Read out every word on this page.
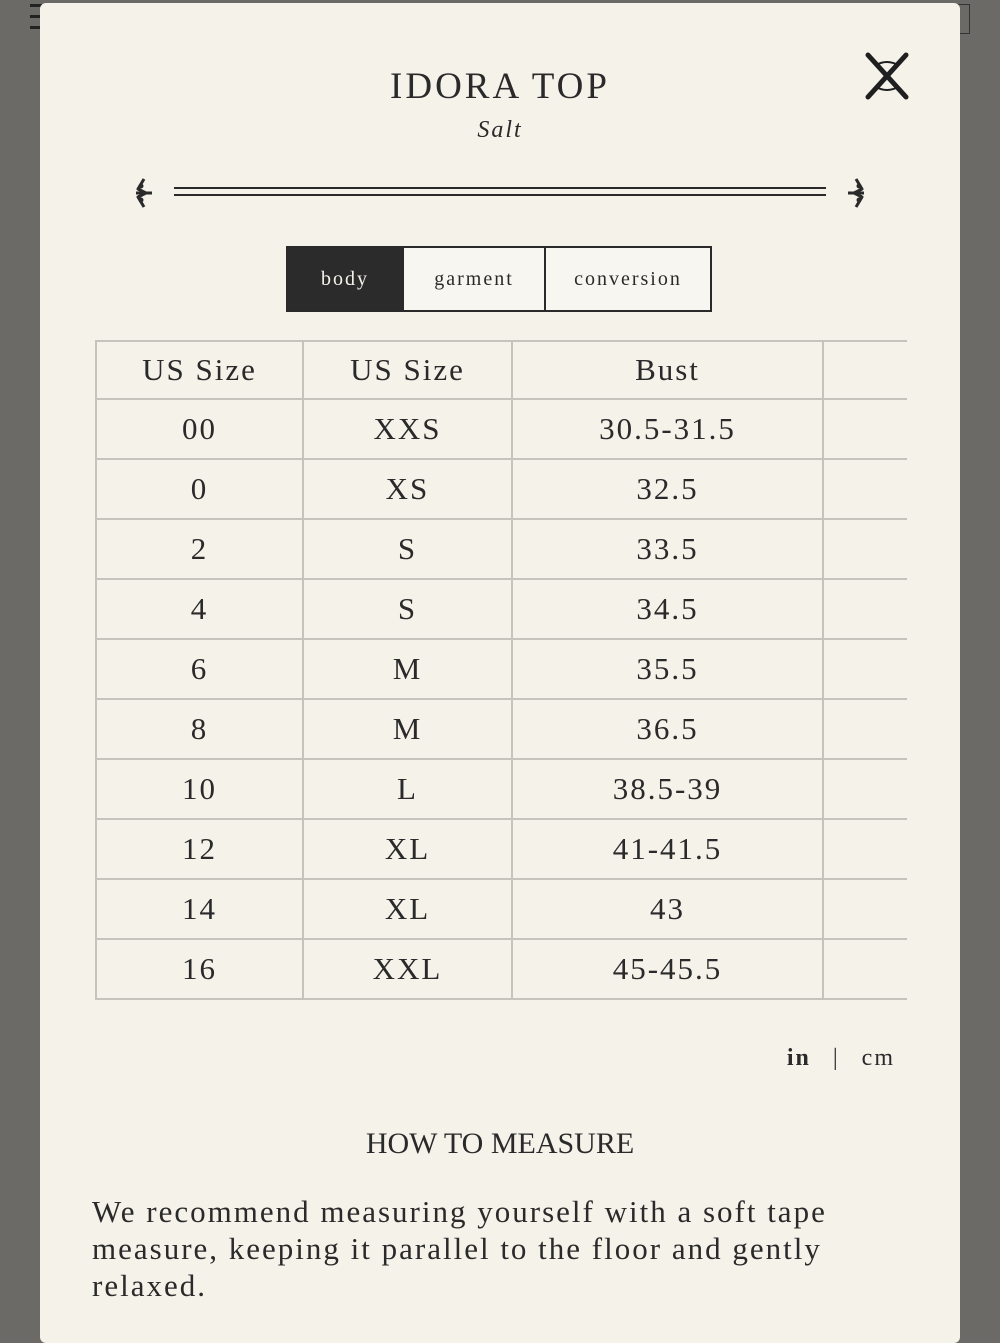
IDORA TOP
Salt
body	garment	conversion
US Size	US Size	Bust	
00	XXS	30.5-31.5	
0	XS	32.5	
2	S	33.5	
4	S	34.5	
6	M	35.5	
8	M	36.5	
10	L	38.5-39	
12	XL	41-41.5	
14	XL	43	
16	XXL	45-45.5	
in | cm
HOW TO MEASURE
We recommend measuring yourself with a soft tape measure, keeping it parallel to the floor and gently relaxed.
